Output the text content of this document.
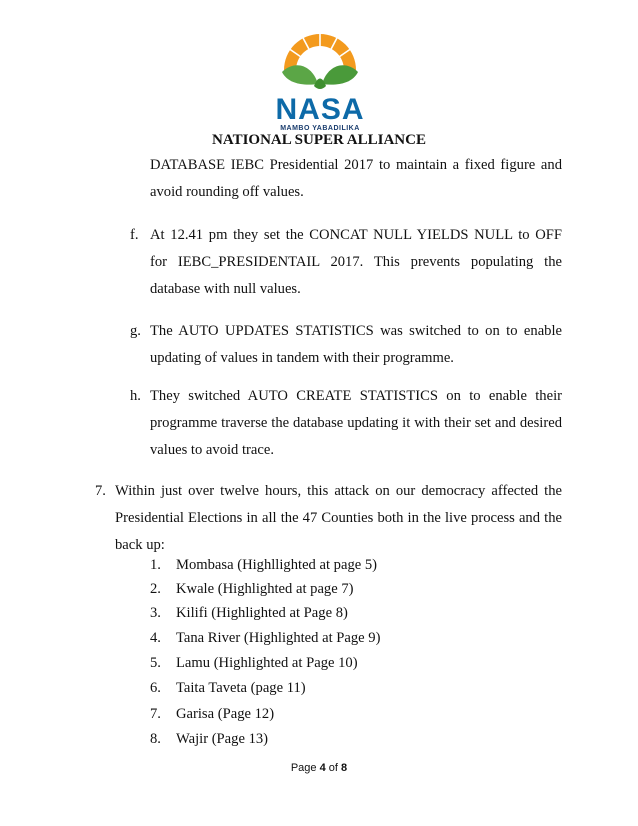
NASA
MAMBO YABADILIKA
NATIONAL SUPER ALLIANCE
DATABASE IEBC Presidential 2017 to maintain a fixed figure and
avoid rounding off values.
f. At 12.41 pm they set the CONCAT NULL YIELDS NULL to OFF
for IEBC_PRESIDENTAIL 2017. This prevents populating the
database with null values.
g. The AUTO UPDATES STATISTICS was switched to on to enable
updating of values in tandem with their programme.
h. They switched AUTO CREATE STATISTICS on to enable their
programme traverse the database updating it with their set and desired
values to avoid trace.
7. Within just over twelve hours, this attack on our democracy affected the
Presidential Elections in all the 47 Counties both in the live process and the
back up:
1. Mombasa (Highllighted at page 5)
2. Kwale (Highlighted at page 7)
3. Kilifi (Highlighted at Page 8)
4. Tana River (Highlighted at Page 9)
5. Lamu (Highlighted at Page 10)
6. Taita Taveta (page 11)
7. Garisa (Page 12)
8. Wajir (Page 13)
Page 4 of 8
